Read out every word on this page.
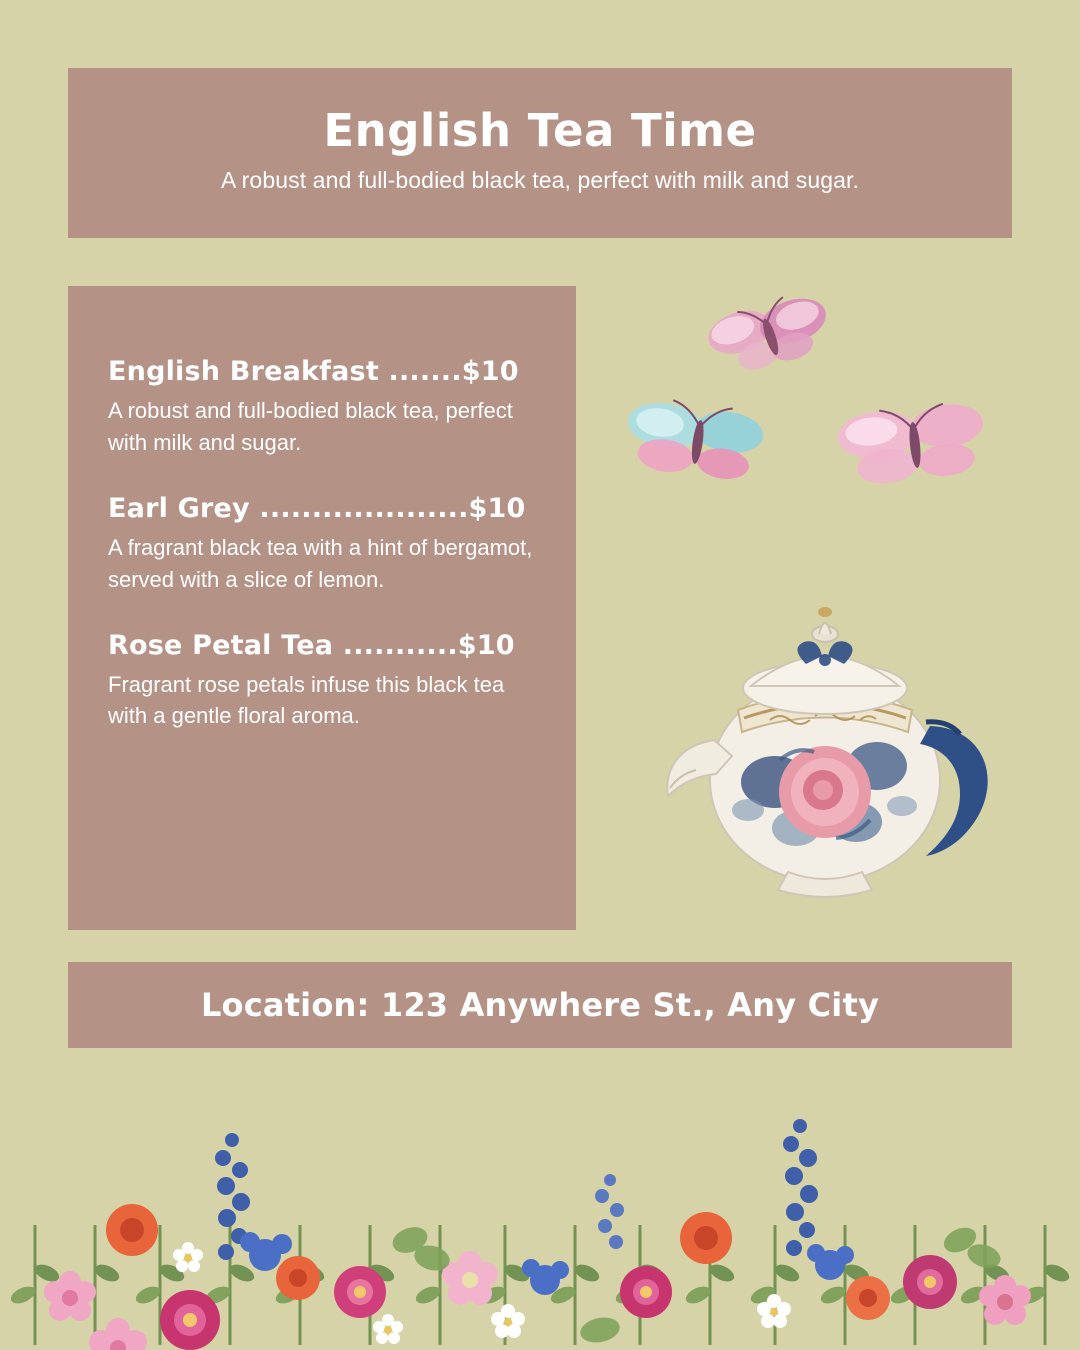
English Tea Time
A robust and full-bodied black tea, perfect with milk and sugar.
English Breakfast .......$10

A robust and full-bodied black tea, perfect with milk and sugar.

Earl Grey ....................$10

A fragrant black tea with a hint of bergamot, served with a slice of lemon.

Rose Petal Tea ...........$10

Fragrant rose petals infuse this black tea with a gentle floral aroma.

Location: 123 Anywhere St., Any City
